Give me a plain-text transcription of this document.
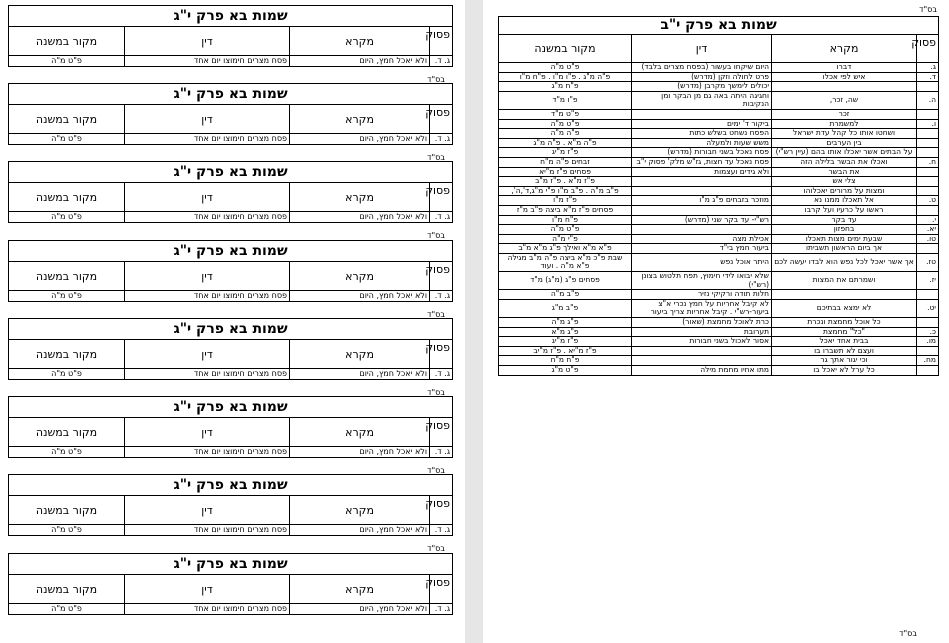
שמות בא פרק י"ג			
פסוק	מקרא	דין	מקור במשנה
ג. ד.	ולא יאכל חמץ, היום	פסח מצרים חימוצו יום אחד	פ"ט מ"ה
בס"ד
שמות בא פרק י"ג			
פסוק	מקרא	דין	מקור במשנה
ג. ד.	ולא יאכל חמץ, היום	פסח מצרים חימוצו יום אחד	פ"ט מ"ה
בס"ד
שמות בא פרק י"ג			
פסוק	מקרא	דין	מקור במשנה
ג. ד.	ולא יאכל חמץ, היום	פסח מצרים חימוצו יום אחד	פ"ט מ"ה
בס"ד
שמות בא פרק י"ג			
פסוק	מקרא	דין	מקור במשנה
ג. ד.	ולא יאכל חמץ, היום	פסח מצרים חימוצו יום אחד	פ"ט מ"ה
בס"ד
שמות בא פרק י"ג			
פסוק	מקרא	דין	מקור במשנה
ג. ד.	ולא יאכל חמץ, היום	פסח מצרים חימוצו יום אחד	פ"ט מ"ה
בס"ד
שמות בא פרק י"ג			
פסוק	מקרא	דין	מקור במשנה
ג. ד.	ולא יאכל חמץ, היום	פסח מצרים חימוצו יום אחד	פ"ט מ"ה
בס"ד
שמות בא פרק י"ג			
פסוק	מקרא	דין	מקור במשנה
ג. ד.	ולא יאכל חמץ, היום	פסח מצרים חימוצו יום אחד	פ"ט מ"ה
בס"ד
שמות בא פרק י"ג			
פסוק	מקרא	דין	מקור במשנה
ג. ד.	ולא יאכל חמץ, היום	פסח מצרים חימוצו יום אחד	פ"ט מ"ה
בס"ד
שמות בא פרק י"ב			
פסוק	מקרא	דין	מקור במשנה
ג.	דברו	היום שיקחו בעשור (בפסח מצרים בלבד)	פ"ט מ"ה
ד.	איש לפי אכלו	פרט לחולה וזקן (מדרש)	פ"ה מ"ג . פ"ו מ"ו . פ"ח מ"ו
		יכולים לימשך מקרבן (מדרש)	פ"ח מ"ג
ה.	שה, זכר,	וחגיגה היתה באה גם מן הבקר ומן הנקיבות	פ"ו מ"ד
	זכר		פ"ט מ"ד
ו.	למשמרת	ביקור ד' ימים	פ"ט מ"ה
	ושחטו אותו כל קהל עדת ישראל	הפסח נשחט בשלש כתות	פ"ה מ"ה
	בין הערבים	משש שעות ולמעלה	פ"ה מ"א . פ"ה מ"ג
	על הבתים אשר יאכלו אותו בהם (עיין רש"י)	פסח נאכל בשני חבורות (מדרש)	פ"ז מ"יג
ח.	ואכלו את הבשר בלילה הזה	פסח נאכל עד חצות, גז"ש מלק' פסוק י"ב	זבחים פ"ה מ"ח
	את הבשר	ולא גידים ועצמות	פסחים פ"ז מ"יא
	צלי אש		פ"ז מ"א . פ"ז מ"ב
	ומצות על מרורים יאכלוהו		פ"ב מ"ה . פ"ב מ"ו פ"י מ"ג,ד',ה',
ט.	אל תאכלו ממנו נא	מוזכר בזבחים פ"ג מ"ו	פ"ז מ"ו
	ראשו על כרעיו ועל קרבו		פסחים פ"ז מ"א ביצה פ"ב מ"ז
י.	עד בקר	רש"י- עד בקר שני (מדרש)	פ"ח מ"ו
יא.	בחפזון		פ"ט מ"ה
טו.	שבעת ימים מצות תאכלו	אכילת מצה	פ"י מ"ה
	אך ביום הראשון תשביתו	ביעור חמץ בי"ד	פ"א מ"א ואילך פ"ג מ"א מ"ב
טז.	אך אשר יאכל לכל נפש הוא לבדו יעשה לכם	היתר אוכל נפש	שבת פ"כ מ"א ביצה פ"ה מ"ב מגילה פ"א מ"ה . ועוד
יז.	ושמרתם את המצות	שלא יבואו לידי חימוץ, תפח תלטוש בצונן (רש"י)	פסחים פ"ג (מ"ג) מ"ד
		חלות תודה ורקיקי נזיר	פ"ב מ"ה
יט.	לא ימצא בבתיכם	לא קיבל אחריות על חמץ נכרי א"צ ביעור-רש"י . קיבל אחריות צריך ביעור	פ"ב מ"ג
	כל אוכל מחמצת ונכרת	כרת לאוכל מחמצת (שאור)	פ"ג מ"ה
כ.	"כל" מחמצת	תערובת	פ"ג מ"א
מו.	בבית אחד יאכל	אסור לאכול בשני חבורות	פ"ז מ"יג
	ועצם לא תשברו בו		פ"ז מ"יא . פ"ז מ"יב
מח.	וכי יגור אתך גר		פ"ח מ"ח
	כל ערל לא יאכל בו	מתו אחיו מחמת מילה	פ"ט מ"ג
בס"ד
